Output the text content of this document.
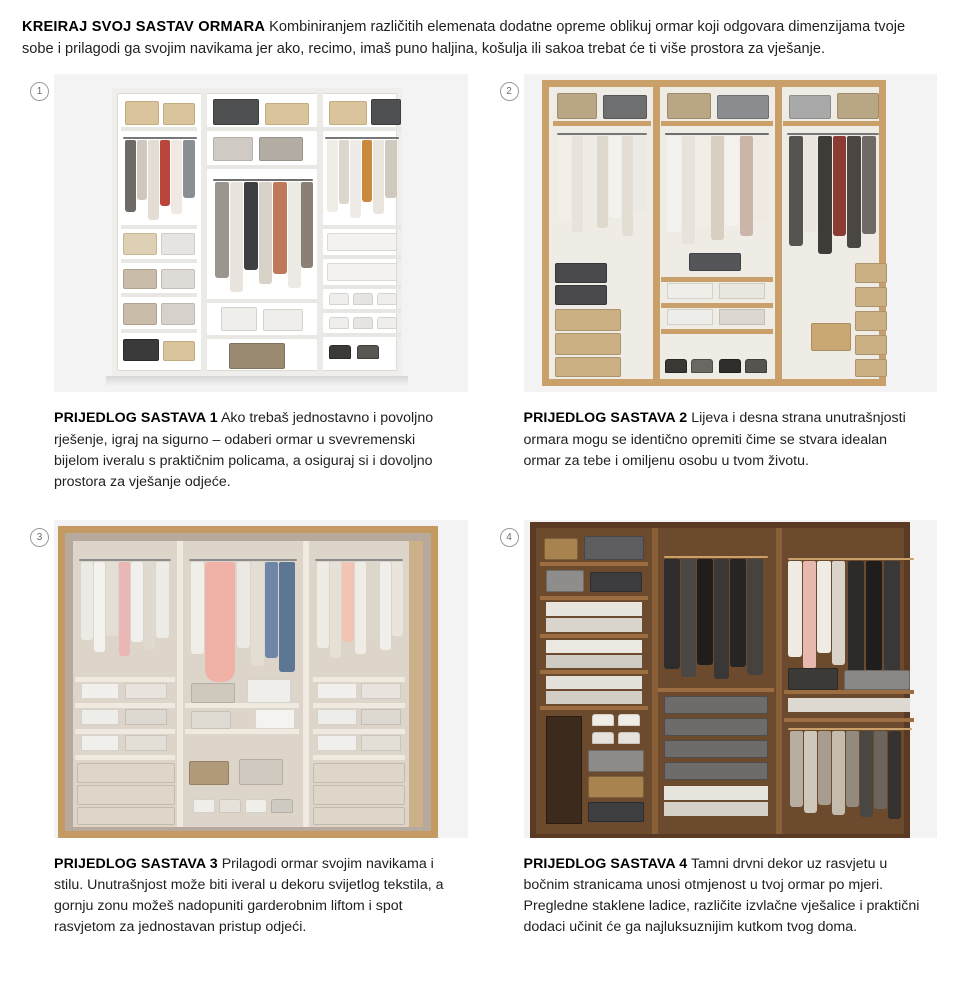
KREIRAJ SVOJ SASTAV ORMARA Kombiniranjem različitih elemenata dodatne opreme oblikuj ormar koji odgovara dimenzijama tvoje sobe i prilagodi ga svojim navikama jer ako, recimo, imaš puno haljina, košulja ili sakoa trebat će ti više prostora za vješanje.

1

PRIJEDLOG SASTAVA 1 Ako trebaš jednostavno i povoljno rješenje, igraj na sigurno – odaberi ormar u svevremenski bijelom iveralu s praktičnim policama, a osiguraj si i dovoljno prostora za vješanje odjeće.

2

PRIJEDLOG SASTAVA 2 Lijeva i desna strana unutrašnjosti ormara mogu se identično opremiti čime se stvara idealan ormar za tebe i omiljenu osobu u tvom životu.

3

PRIJEDLOG SASTAVA 3 Prilagodi ormar svojim navikama i stilu. Unutrašnjost može biti iveral u dekoru svijetlog tekstila, a gornju zonu možeš nadopuniti garderobnim liftom i spot rasvjetom za jednostavan pristup odjeći.

4

PRIJEDLOG SASTAVA 4 Tamni drvni dekor uz rasvjetu u bočnim stranicama unosi otmjenost u tvoj ormar po mjeri. Pregledne staklene ladice, različite izvlačne vješalice i praktični dodaci učinit će ga najluksuznijim kutkom tvog doma.
